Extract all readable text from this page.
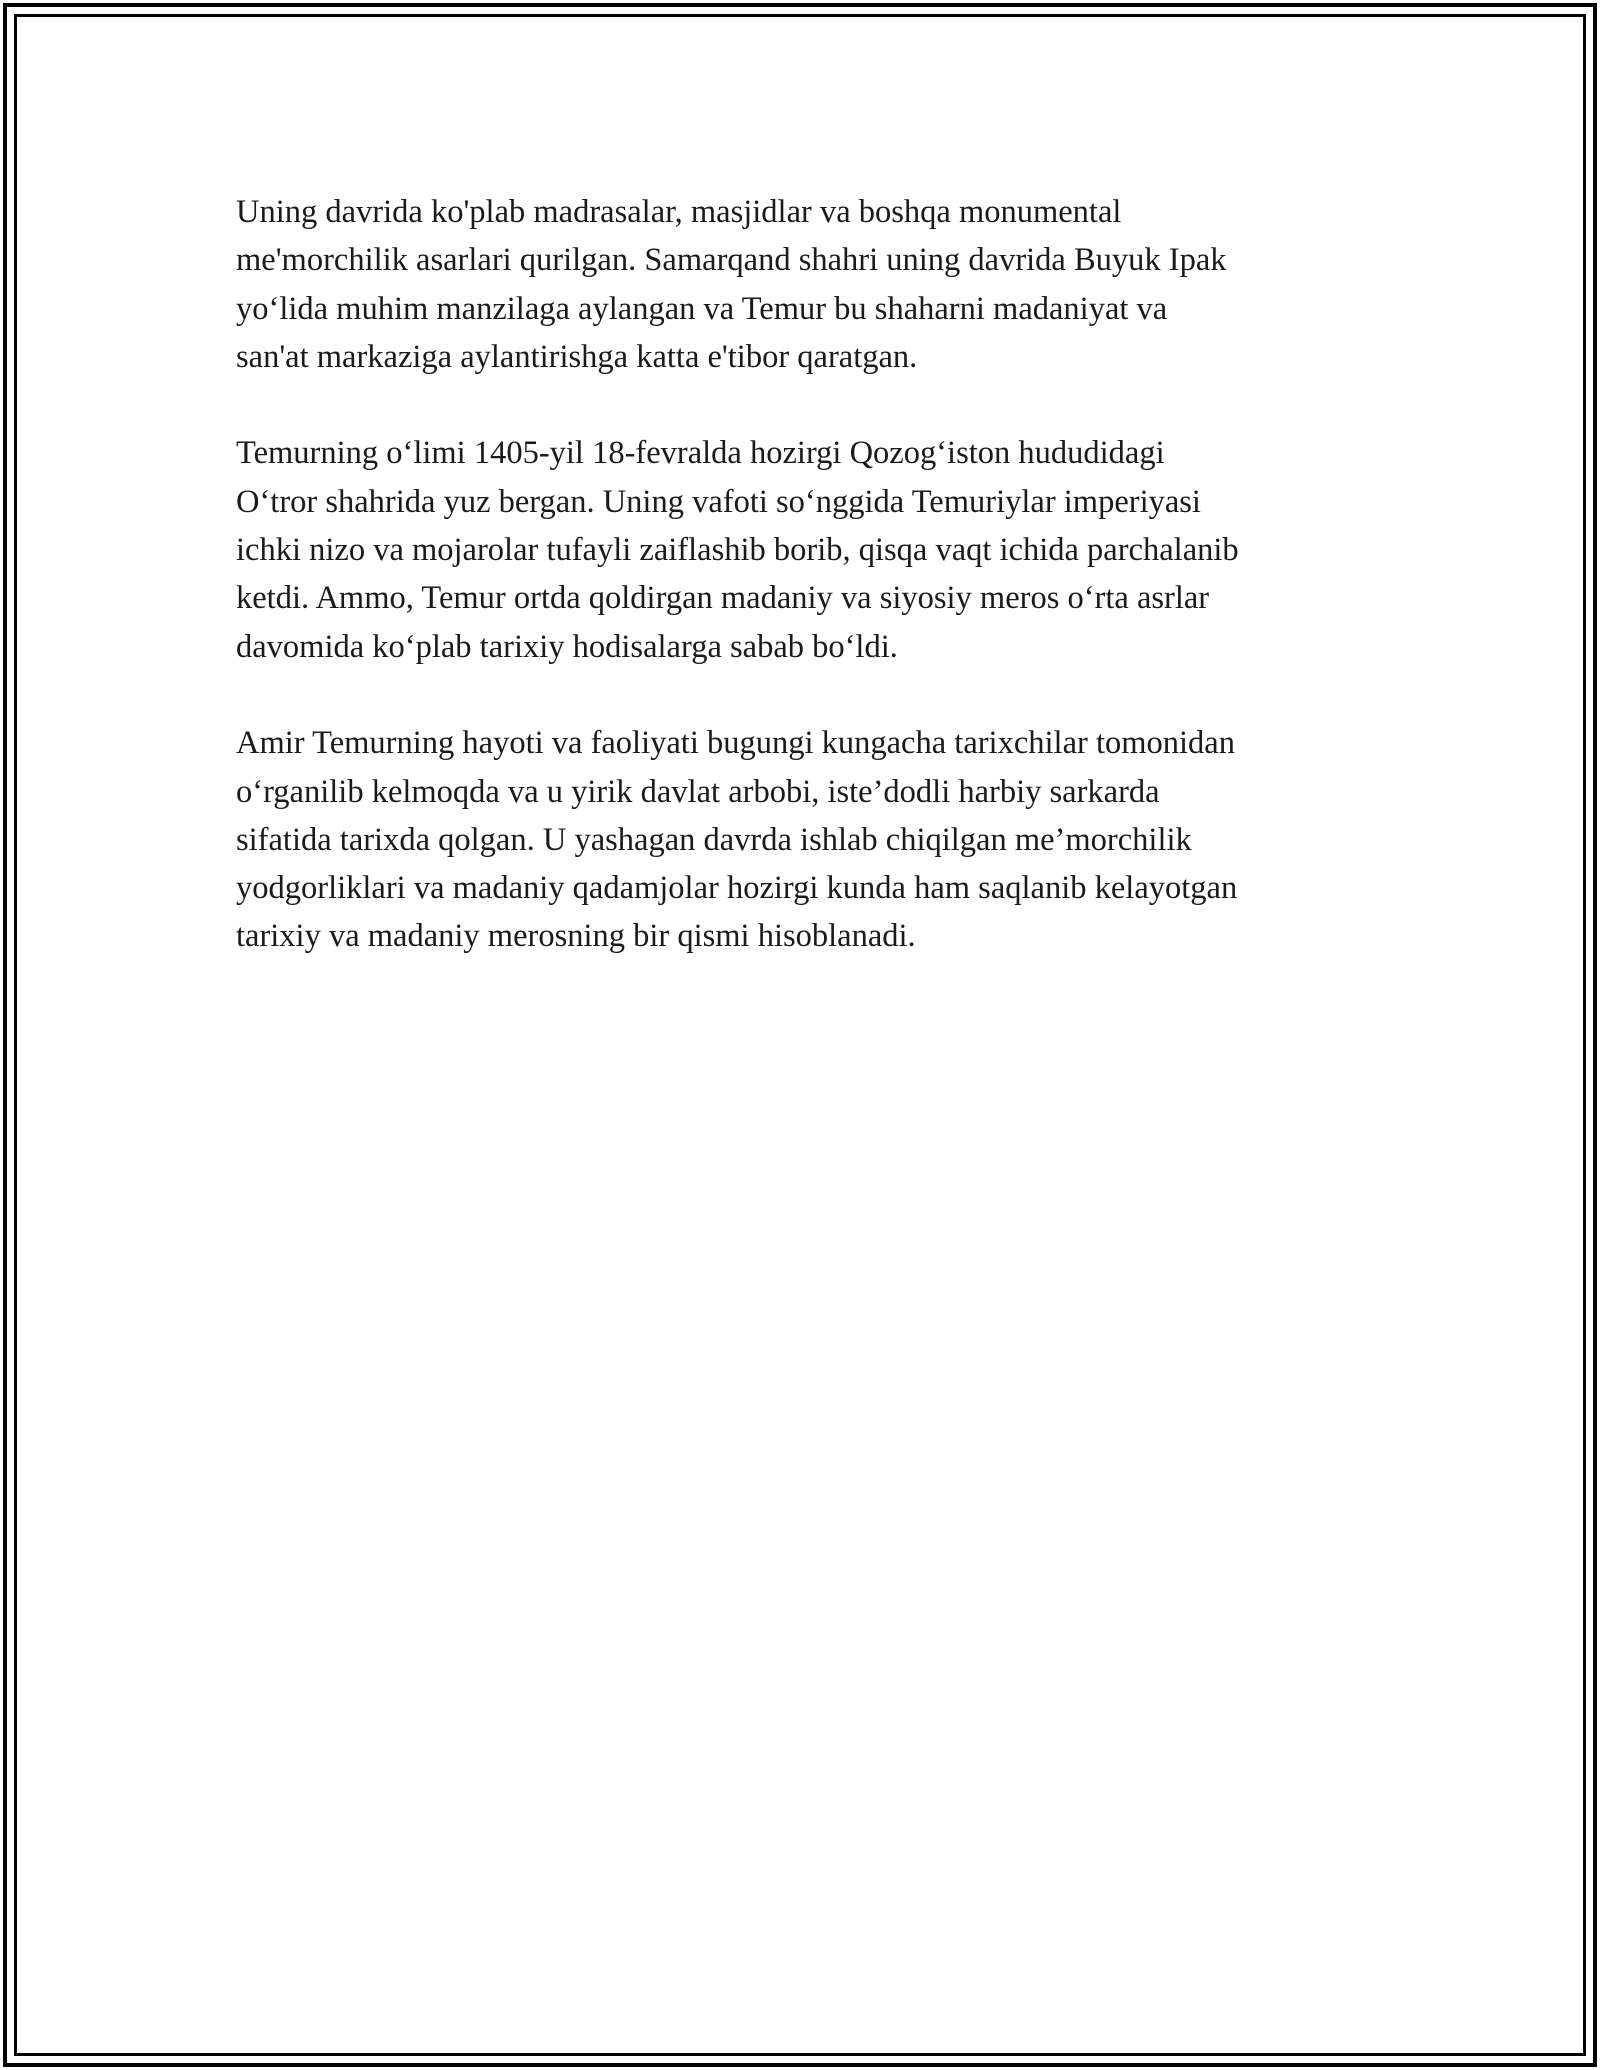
Uning davrida ko'plab madrasalar, masjidlar va boshqa monumental
me'morchilik asarlari qurilgan. Samarqand shahri uning davrida Buyuk Ipak
yo‘lida muhim manzilaga aylangan va Temur bu shaharni madaniyat va
san'at markaziga aylantirishga katta e'tibor qaratgan.

Temurning o‘limi 1405-yil 18-fevralda hozirgi Qozog‘iston hududidagi
O‘tror shahrida yuz bergan. Uning vafoti so‘nggida Temuriylar imperiyasi
ichki nizo va mojarolar tufayli zaiflashib borib, qisqa vaqt ichida parchalanib
ketdi. Ammo, Temur ortda qoldirgan madaniy va siyosiy meros o‘rta asrlar
davomida ko‘plab tarixiy hodisalarga sabab bo‘ldi.

Amir Temurning hayoti va faoliyati bugungi kungacha tarixchilar tomonidan
o‘rganilib kelmoqda va u yirik davlat arbobi, iste’dodli harbiy sarkarda
sifatida tarixda qolgan. U yashagan davrda ishlab chiqilgan me’morchilik
yodgorliklari va madaniy qadamjolar hozirgi kunda ham saqlanib kelayotgan
tarixiy va madaniy merosning bir qismi hisoblanadi.
